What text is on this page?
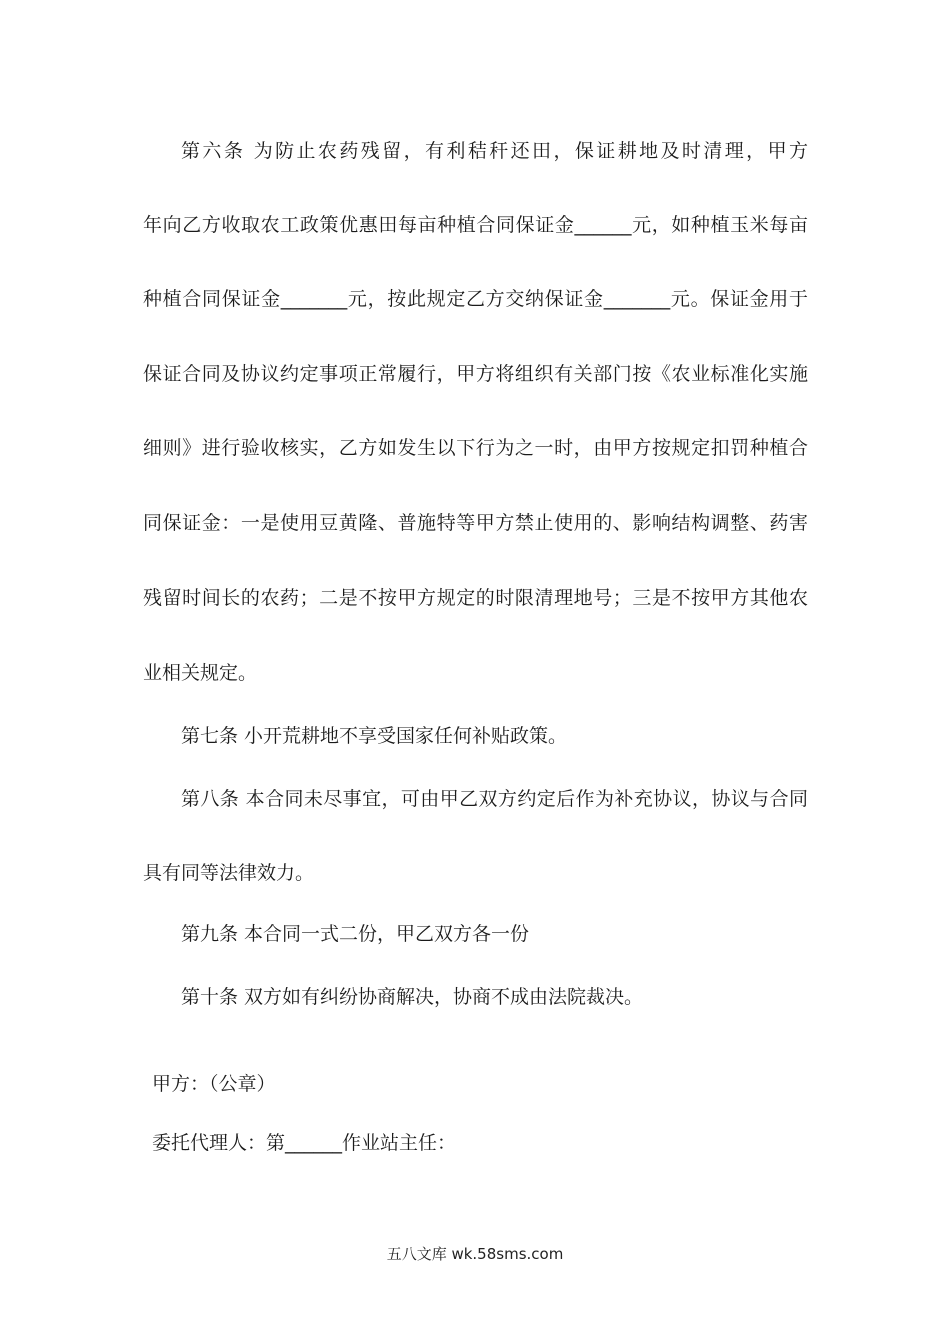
第六条 为防止农药残留，有利秸秆还田，保证耕地及时清理，甲方

年向乙方收取农工政策优惠田每亩种植合同保证金______元，如种植玉米每亩

种植合同保证金_______元，按此规定乙方交纳保证金_______元。保证金用于

保证合同及协议约定事项正常履行，甲方将组织有关部门按《农业标准化实施

细则》进行验收核实，乙方如发生以下行为之一时，由甲方按规定扣罚种植合

同保证金：一是使用豆黄隆、普施特等甲方禁止使用的、影响结构调整、药害

残留时间长的农药；二是不按甲方规定的时限清理地号；三是不按甲方其他农

业相关规定。

第七条 小开荒耕地不享受国家任何补贴政策。

第八条 本合同未尽事宜，可由甲乙双方约定后作为补充协议，协议与合同

具有同等法律效力。

第九条 本合同一式二份，甲乙双方各一份

第十条 双方如有纠纷协商解决，协商不成由法院裁决。

甲方：（公章）

委托代理人：第______作业站主任：

五八文库 wk.58sms.com
